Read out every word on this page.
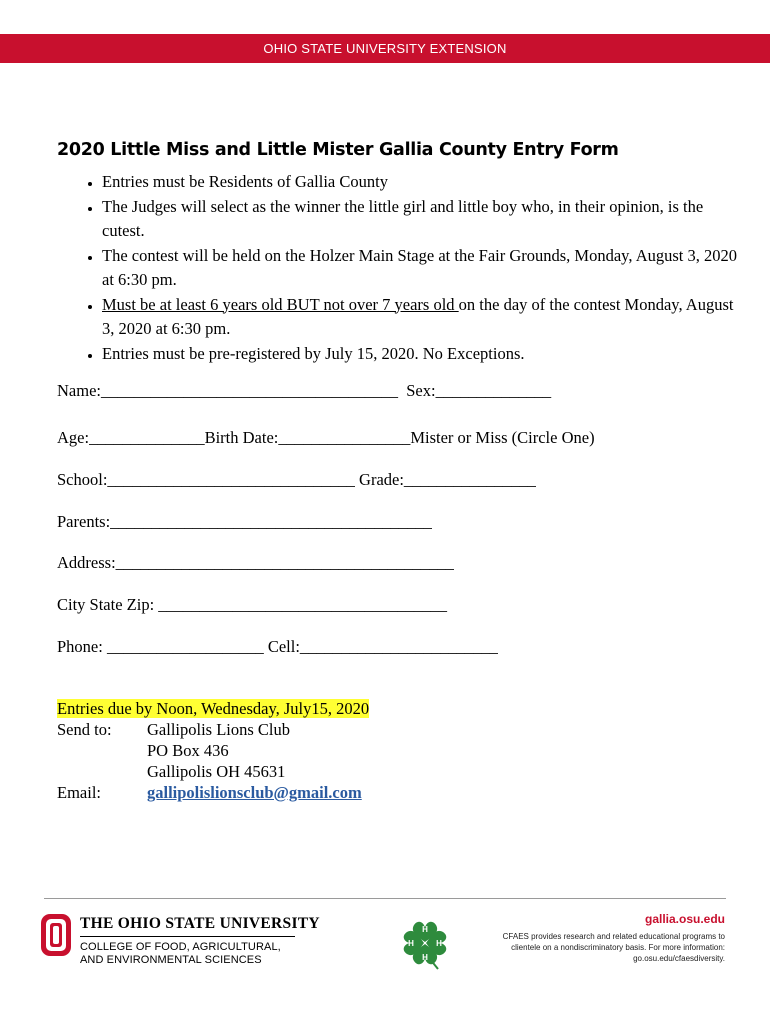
OHIO STATE UNIVERSITY EXTENSION
2020 Little Miss and Little Mister Gallia County Entry Form
• Entries must be Residents of Gallia County
• The Judges will select as the winner the little girl and little boy who, in their opinion, is the cutest.
• The contest will be held on the Holzer Main Stage at the Fair Grounds, Monday, August 3, 2020 at 6:30 pm.
• Must be at least 6 years old BUT not over 7 years old on the day of the contest Monday, August 3, 2020 at 6:30 pm.
• Entries must be pre-registered by July 15, 2020. No Exceptions.
Name:____________________________________  Sex:______________
Age:______________Birth Date:________________Mister or Miss (Circle One)
School:______________________________ Grade:________________
Parents:_______________________________________
Address:_________________________________________
City State Zip: ___________________________________
Phone: ___________________ Cell:________________________
Entries due by Noon, Wednesday, July15, 2020
Send to:	Gallipolis Lions Club
PO Box 436
Gallipolis OH 45631
Email:	gallipolislionsclub@gmail.com
THE OHIO STATE UNIVERSITY
COLLEGE OF FOOD, AGRICULTURAL,
AND ENVIRONMENTAL SCIENCES
H
H
H	H
gallia.osu.edu
CFAES provides research and related educational programs to clientele on a nondiscriminatory basis. For more information: go.osu.edu/cfaesdiversity.
